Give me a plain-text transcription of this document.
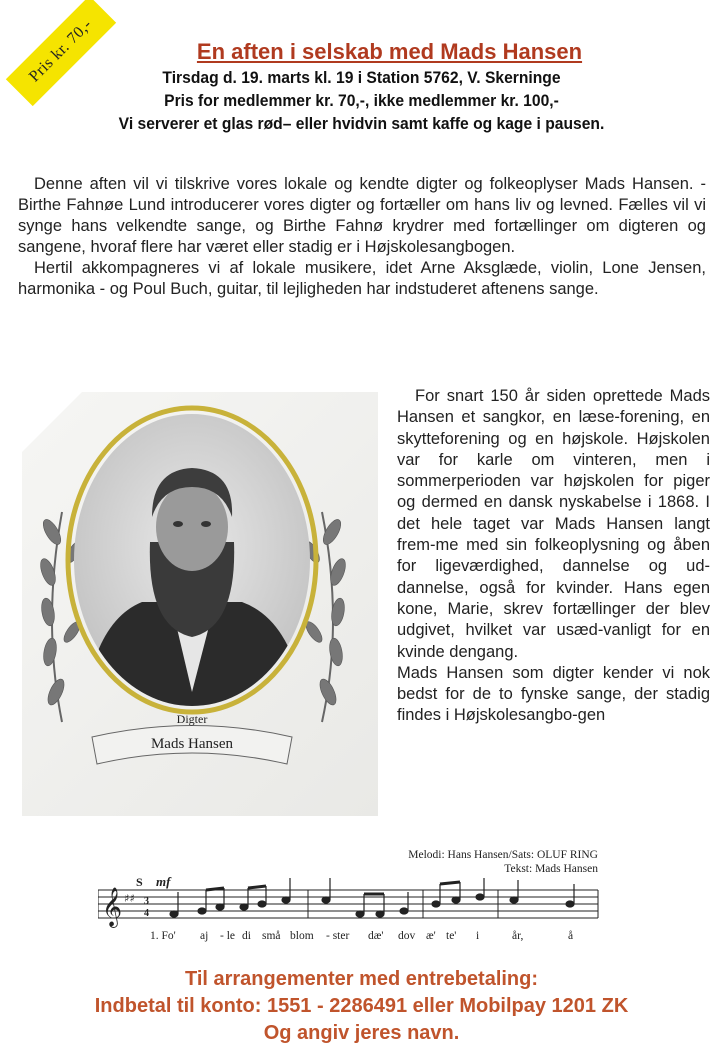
Pris kr. 70,-	En aften i selskab med Mads Hansen
Tirsdag d. 19. marts kl. 19 i Station 5762, V. Skerninge
Pris for medlemmer kr. 70,-, ikke medlemmer kr. 100,-
Vi serverer et glas rød– eller hvidvin samt kaffe og kage i pausen.

Denne aften vil vi tilskrive vores lokale og kendte digter og folkeoplyser Mads Hansen. - Birthe Fahnøe Lund introducerer vores digter og fortæller om hans liv og levned. Fælles vil vi synge hans velkendte sange, og Birthe Fahnø krydrer med fortællinger om digteren og sangene, hvoraf flere har været eller stadig er i Højskolesangbogen.

Hertil akkompagneres vi af lokale musikere, idet Arne Aksglæde, violin, Lone Jensen, harmonika - og Poul Buch, guitar, til lejligheden har indstuderet aftenens sange.

Digter
Mads Hansen

For snart 150 år siden oprettede Mads Hansen et sangkor, en læse-forening, en skytteforening og en højskole. Højskolen var for karle om vinteren, men i sommerperioden var højskolen for piger og dermed en dansk nyskabelse i 1868. I det hele taget var Mads Hansen langt frem-me med sin folkeoplysning og åben for ligeværdighed, dannelse og ud-dannelse, også for kvinder. Hans egen kone, Marie, skrev fortællinger der blev udgivet, hvilket var usæd-vanligt for en kvinde dengang.

Mads Hansen som digter kender vi nok bedst for de to fynske sange, der stadig findes i Højskolesangbo-gen

Melodi: Hans Hansen/Sats: OLUF RING
Tekst: Mads Hansen
𝄞 ♯♯
S mf
3
4
1. Fo' aj - le di små blom - ster dæ' dov æ' te' i	år,	å
Til arrangementer med entrebetaling:
Indbetal til konto: 1551 - 2286491 eller Mobilpay 1201 ZK
Og angiv jeres navn.
